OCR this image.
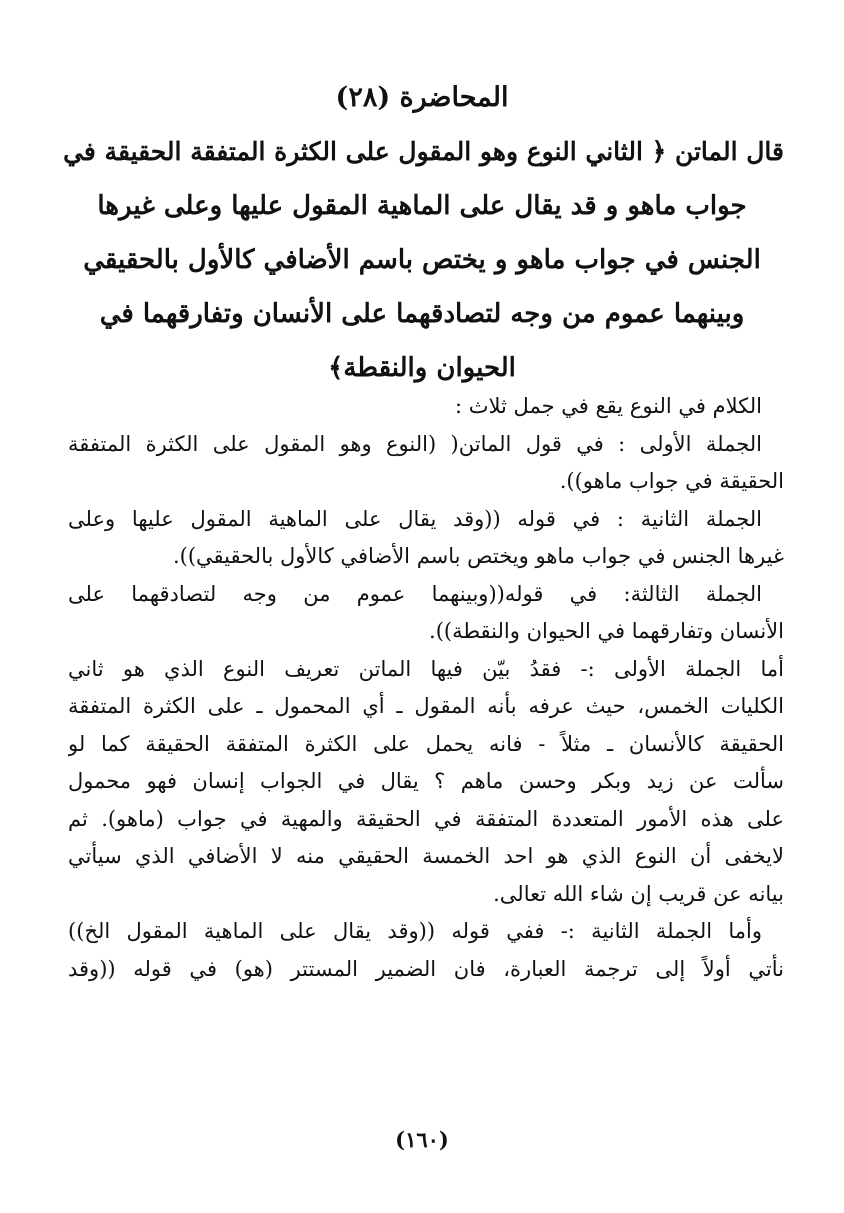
المحاضرة (٢٨)
قال الماتن ﴿ الثاني النوع وهو المقول على الكثرة المتفقة الحقيقة في
جواب ماهو و قد يقال على الماهية المقول عليها وعلى غيرها
الجنس في جواب ماهو و يختص باسم الأضافي كالأول بالحقيقي
وبينهما عموم من وجه لتصادقهما على الأنسان وتفارقهما في
الحيوان والنقطة﴾
الكلام في النوع يقع في جمل ثلاث :
الجملة الأولى : في قول الماتن( (النوع وهو المقول على الكثرة المتفقة
الحقيقة في جواب ماهو)).
الجملة الثانية : في قوله ((وقد يقال على الماهية المقول عليها وعلى
غيرها الجنس في جواب ماهو ويختص باسم الأضافي كالأول بالحقيقي)).
الجملة الثالثة: في قوله((وبينهما عموم من وجه لتصادقهما على
الأنسان وتفارقهما في الحيوان والنقطة)).
أما الجملة الأولى :- فقدُ بيّن فيها الماتن تعريف النوع الذي هو ثاني
الكليات الخمس، حيث عرفه بأنه المقول ـ أي المحمول ـ على الكثرة المتفقة
الحقيقة كالأنسان ـ مثلاً - فانه يحمل على الكثرة المتفقة الحقيقة كما لو
سألت عن زيد وبكر وحسن ماهم ؟ يقال في الجواب إنسان فهو محمول
على هذه الأمور المتعددة المتفقة في الحقيقة والمهية في جواب (ماهو). ثم
لايخفى أن النوع الذي هو احد الخمسة الحقيقي منه لا الأضافي الذي سيأتي
بيانه عن قريب إن شاء الله تعالى.
وأما الجملة الثانية :- ففي قوله ((وقد يقال على الماهية المقول الخ))
نأتي أولاً إلى ترجمة العبارة، فان الضمير المستتر (هو) في قوله ((وقد
(١٦٠)
